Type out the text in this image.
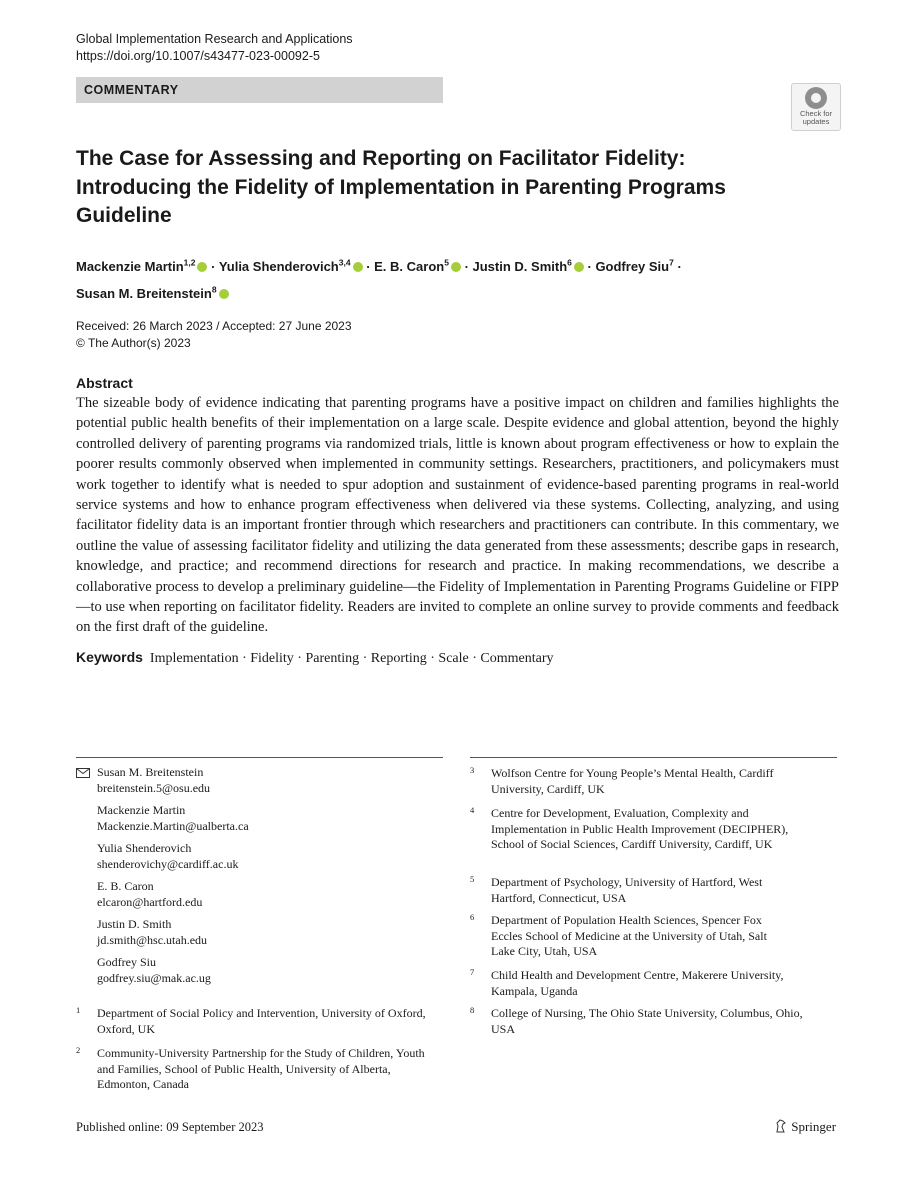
Global Implementation Research and Applications
https://doi.org/10.1007/s43477-023-00092-5
COMMENTARY
Check for
updates
The Case for Assessing and Reporting on Facilitator Fidelity:
Introducing the Fidelity of Implementation in Parenting Programs
Guideline
Mackenzie Martin$^{1,2}$ · Yulia Shenderovich$^{3,4}$ · E. B. Caron$^5$ · Justin D. Smith$^6$ · Godfrey Siu$^7$ ·
Susan M. Breitenstein$^8$
Received: 26 March 2023 / Accepted: 27 June 2023
© The Author(s) 2023
Abstract
The sizeable body of evidence indicating that parenting programs have a positive impact on children and families highlights the potential public health benefits of their implementation on a large scale. Despite evidence and global attention, beyond the highly controlled delivery of parenting programs via randomized trials, little is known about program effectiveness or how to explain the poorer results commonly observed when implemented in community settings. Researchers, practitioners, and policymakers must work together to identify what is needed to spur adoption and sustainment of evidence-based parenting programs in real-world service systems and how to enhance program effectiveness when delivered via these systems. Collecting, analyzing, and using facilitator fidelity data is an important frontier through which researchers and practitioners can contribute. In this commentary, we outline the value of assessing facilitator fidelity and utilizing the data generated from these assessments; describe gaps in research, knowledge, and practice; and recommend directions for research and practice. In making recommendations, we describe a collaborative process to develop a preliminary guideline—the Fidelity of Implementation in Parenting Programs Guideline or FIPP—to use when reporting on facilitator fidelity. Readers are invited to complete an online survey to provide comments and feedback on the first draft of the guideline.
Keywords Implementation · Fidelity · Parenting · Reporting · Scale · Commentary
Susan M. Breitenstein
breitenstein.5@osu.edu
Mackenzie Martin
Mackenzie.Martin@ualberta.ca
Yulia Shenderovich
shenderovichy@cardiff.ac.uk
E. B. Caron
elcaron@hartford.edu
Justin D. Smith
jd.smith@hsc.utah.edu
Godfrey Siu
godfrey.siu@mak.ac.ug
1 Department of Social Policy and Intervention, University of Oxford, Oxford, UK
2 Community-University Partnership for the Study of Children, Youth and Families, School of Public Health, University of Alberta, Edmonton, Canada
3 Wolfson Centre for Young People’s Mental Health, Cardiff University, Cardiff, UK
4 Centre for Development, Evaluation, Complexity and Implementation in Public Health Improvement (DECIPHER), School of Social Sciences, Cardiff University, Cardiff, UK
5 Department of Psychology, University of Hartford, West Hartford, Connecticut, USA
6 Department of Population Health Sciences, Spencer Fox Eccles School of Medicine at the University of Utah, Salt Lake City, Utah, USA
7 Child Health and Development Centre, Makerere University, Kampala, Uganda
8 College of Nursing, The Ohio State University, Columbus, Ohio, USA
Published online: 09 September 2023	Springer
